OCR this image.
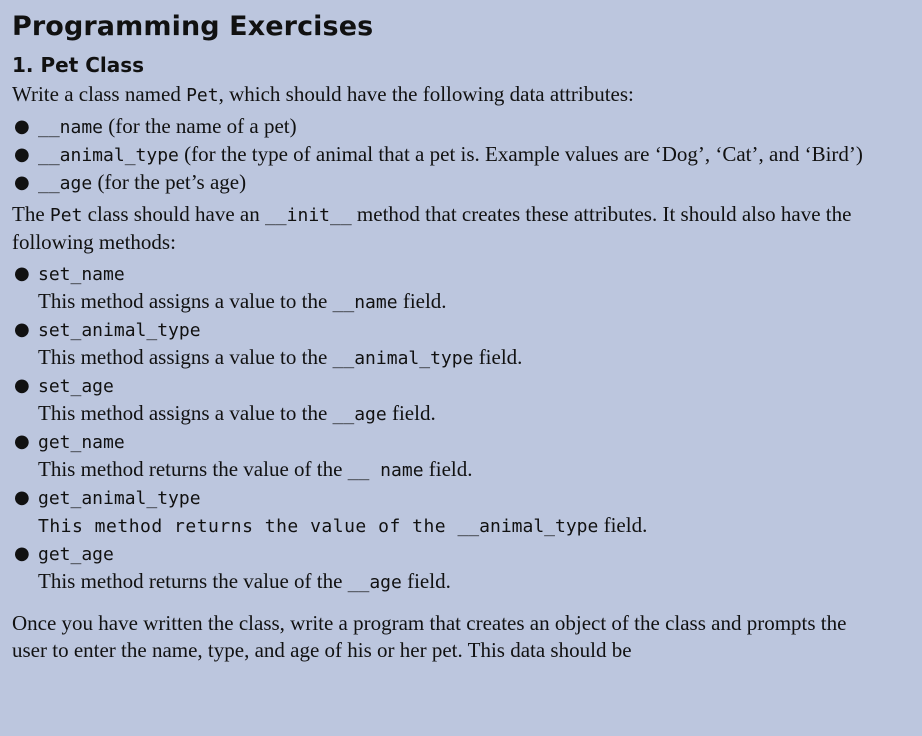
Programming Exercises
1. Pet Class

Write a class named Pet, which should have the following data attributes:

● __name (for the name of a pet)
● __animal_type (for the type of animal that a pet is. Example values are ‘Dog’, ‘Cat’, and ‘Bird’)
● __age (for the pet’s age)

The Pet class should have an __init__ method that creates these attributes. It should also have the following methods:

● set_name
This method assigns a value to the __name field.
● set_animal_type
This method assigns a value to the __animal_type field.
● set_age
This method assigns a value to the __age field.
● get_name
This method returns the value of the __ name field.
● get_animal_type
This method returns the value of the __animal_type field.
● get_age
This method returns the value of the __age field.

Once you have written the class, write a program that creates an object of the class and prompts the user to enter the name, type, and age of his or her pet. This data should be
